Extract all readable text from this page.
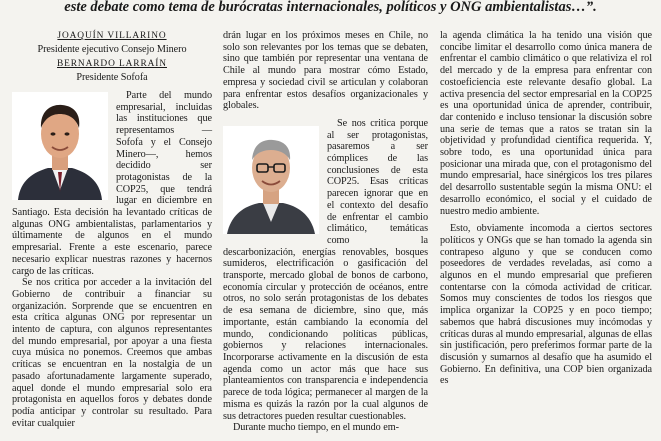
este debate como tema de burócratas internacionales, políticos y ONG ambientalistas…”.
JOAQUÍN VILLARINO
Presidente ejecutivo Consejo Minero
BERNARDO LARRAÍN
Presidente Sofofa

Parte del mundo empresarial, incluidas las instituciones que representamos —Sofofa y el Consejo Minero—, hemos decidido ser protagonistas de la COP25, que tendrá lugar en diciembre en Santiago. Esta decisión ha levantado críticas de algunas ONG ambientalistas, parlamentarios y últimamente de algunos en el mundo empresarial. Frente a este escenario, parece necesario explicar nuestras razones y hacernos cargo de las críticas.

Se nos critica por acceder a la invitación del Gobierno de contribuir a financiar su organización. Sorprende que se encuentren en esta crítica algunas ONG por representar un intento de captura, con algunos representantes del mundo empresarial, por apoyar a una fiesta cuya música no ponemos. Creemos que ambas críticas se encuentran en la nostalgia de un pasado afortunadamente largamente superado, aquel donde el mundo empresarial solo era protagonista en aquellos foros y debates donde podía anticipar y controlar su resultado. Para evitar cualquier

drán lugar en los próximos meses en Chile, no solo son relevantes por los temas que se debaten, sino que también por representar una ventana de Chile al mundo para mostrar cómo Estado, empresa y sociedad civil se articulan y colaboran para enfrentar estos desafíos organizacionales y globales.

Se nos critica porque al ser protagonistas, pasaremos a ser cómplices de las conclusiones de esta COP25. Esas críticas parecen ignorar que en el contexto del desafío de enfrentar el cambio climático, temáticas como la descarbonización, energías renovables, bosques sumideros, electrificación o gasificación del transporte, mercado global de bonos de carbono, economía circular y protección de océanos, entre otros, no solo serán protagonistas de los debates de esa semana de diciembre, sino que, más importante, están cambiando la economía del mundo, condicionando políticas públicas, gobiernos y relaciones internacionales. Incorporarse activamente en la discusión de esta agenda como un actor más que hace sus planteamientos con transparencia e independencia parece de toda lógica; permanecer al margen de la misma es quizás la razón por la cual algunos de sus detractores pueden resultar cuestionables.

Durante mucho tiempo, en el mundo em-

la agenda climática la ha tenido una visión que concibe limitar el desarrollo como única manera de enfrentar el cambio climático o que relativiza el rol del mercado y de la empresa para enfrentar con costoeficiencia este relevante desafío global. La activa presencia del sector empresarial en la COP25 es una oportunidad única de aprender, contribuir, dar contenido e incluso tensionar la discusión sobre una serie de temas que a ratos se tratan sin la objetividad y profundidad científica requerida. Y, sobre todo, es una oportunidad única para posicionar una mirada que, con el protagonismo del mundo empresarial, hace sinérgicos los tres pilares del desarrollo sustentable según la misma ONU: el desarrollo económico, el social y el cuidado de nuestro medio ambiente.

Esto, obviamente incomoda a ciertos sectores políticos y ONGs que se han tomado la agenda sin contrapeso alguno y que se conducen como poseedores de verdades reveladas, así como a algunos en el mundo empresarial que prefieren contentarse con la cómoda actividad de criticar. Somos muy conscientes de todos los riesgos que implica organizar la COP25 y en poco tiempo; sabemos que habrá discusiones muy incómodas y críticas duras al mundo empresarial, algunas de ellas sin justificación, pero preferimos formar parte de la discusión y sumarnos al desafío que ha asumido el Gobierno. En definitiva, una COP bien organizada es
